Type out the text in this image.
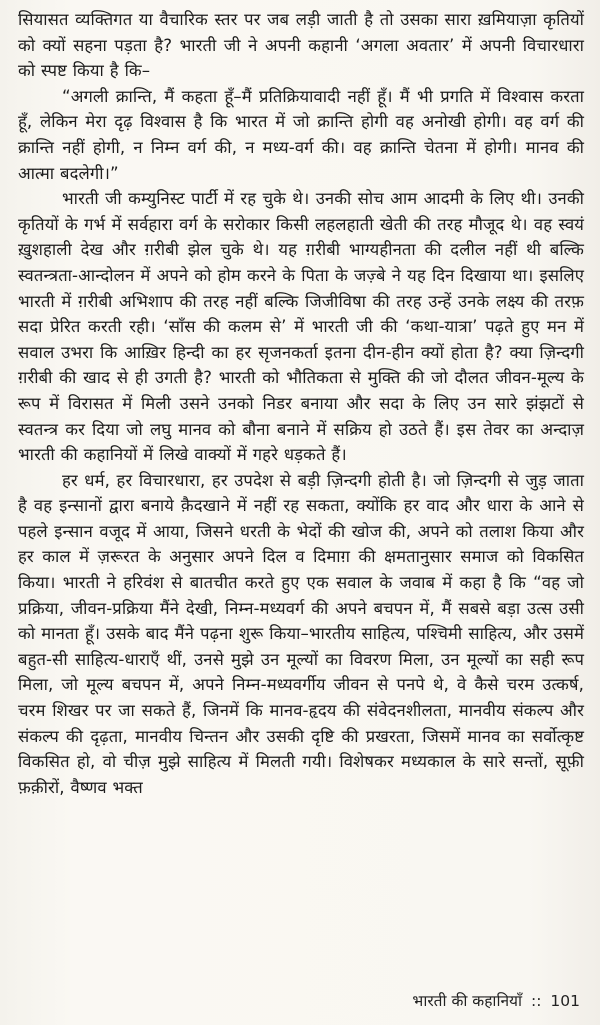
सियासत व्यक्तिगत या वैचारिक स्तर पर जब लड़ी जाती है तो उसका सारा ख़मियाज़ा कृतियों को क्यों सहना पड़ता है? भारती जी ने अपनी कहानी ‘अगला अवतार’ में अपनी विचारधारा को स्पष्ट किया है कि–

“अगली क्रान्ति, मैं कहता हूँ–मैं प्रतिक्रियावादी नहीं हूँ। मैं भी प्रगति में विश्वास करता हूँ, लेकिन मेरा दृढ़ विश्वास है कि भारत में जो क्रान्ति होगी वह अनोखी होगी। वह वर्ग की क्रान्ति नहीं होगी, न निम्न वर्ग की, न मध्य-वर्ग की। वह क्रान्ति चेतना में होगी। मानव की आत्मा बदलेगी।”

भारती जी कम्युनिस्ट पार्टी में रह चुके थे। उनकी सोच आम आदमी के लिए थी। उनकी कृतियों के गर्भ में सर्वहारा वर्ग के सरोकार किसी लहलहाती खेती की तरह मौजूद थे। वह स्वयं ख़ुशहाली देख और ग़रीबी झेल चुके थे। यह ग़रीबी भाग्यहीनता की दलील नहीं थी बल्कि स्वतन्त्रता-आन्दोलन में अपने को होम करने के पिता के जज़्बे ने यह दिन दिखाया था। इसलिए भारती में ग़रीबी अभिशाप की तरह नहीं बल्कि जिजीविषा की तरह उन्हें उनके लक्ष्य की तरफ़ सदा प्रेरित करती रही। ‘साँस की कलम से’ में भारती जी की ‘कथा-यात्रा’ पढ़ते हुए मन में सवाल उभरा कि आख़िर हिन्दी का हर सृजनकर्ता इतना दीन-हीन क्यों होता है? क्या ज़िन्दगी ग़रीबी की खाद से ही उगती है? भारती को भौतिकता से मुक्ति की जो दौलत जीवन-मूल्य के रूप में विरासत में मिली उसने उनको निडर बनाया और सदा के लिए उन सारे झंझटों से स्वतन्त्र कर दिया जो लघु मानव को बौना बनाने में सक्रिय हो उठते हैं। इस तेवर का अन्दाज़ भारती की कहानियों में लिखे वाक्यों में गहरे धड़कते हैं।

हर धर्म, हर विचारधारा, हर उपदेश से बड़ी ज़िन्दगी होती है। जो ज़िन्दगी से जुड़ जाता है वह इन्सानों द्वारा बनाये क़ैदखाने में नहीं रह सकता, क्योंकि हर वाद और धारा के आने से पहले इन्सान वजूद में आया, जिसने धरती के भेदों की खोज की, अपने को तलाश किया और हर काल में ज़रूरत के अनुसार अपने दिल व दिमाग़ की क्षमतानुसार समाज को विकसित किया। भारती ने हरिवंश से बातचीत करते हुए एक सवाल के जवाब में कहा है कि “वह जो प्रक्रिया, जीवन-प्रक्रिया मैंने देखी, निम्न-मध्यवर्ग की अपने बचपन में, मैं सबसे बड़ा उत्स उसी को मानता हूँ। उसके बाद मैंने पढ़ना शुरू किया–भारतीय साहित्य, पश्चिमी साहित्य, और उसमें बहुत-सी साहित्य-धाराएँ थीं, उनसे मुझे उन मूल्यों का विवरण मिला, उन मूल्यों का सही रूप मिला, जो मूल्य बचपन में, अपने निम्न-मध्यवर्गीय जीवन से पनपे थे, वे कैसे चरम उत्कर्ष, चरम शिखर पर जा सकते हैं, जिनमें कि मानव-हृदय की संवेदनशीलता, मानवीय संकल्प और संकल्प की दृढ़ता, मानवीय चिन्तन और उसकी दृष्टि की प्रखरता, जिसमें मानव का सर्वोत्कृष्ट विकसित हो, वो चीज़ मुझे साहित्य में मिलती गयी। विशेषकर मध्यकाल के सारे सन्तों, सूफ़ी फ़क़ीरों, वैष्णव भक्त

भारती की कहानियाँ :: 101
